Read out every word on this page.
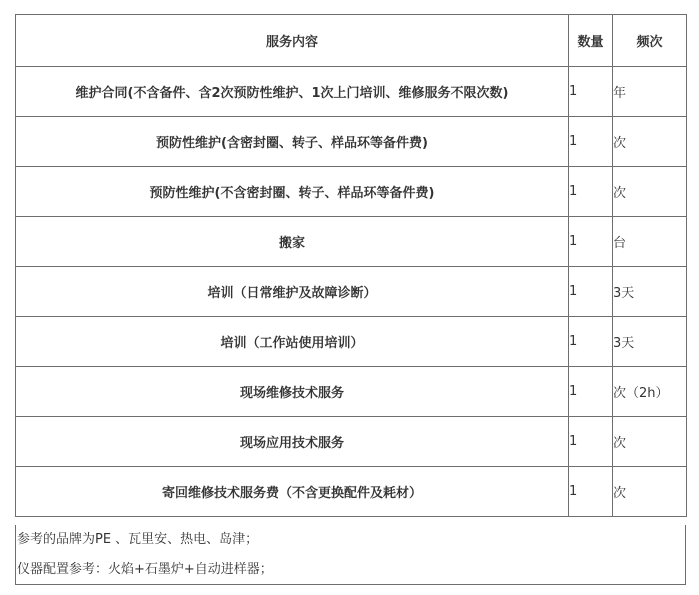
服务内容	数量	频次
维护合同(不含备件、含2次预防性维护、1次上门培训、维修服务不限次数)	1	年
预防性维护(含密封圈、转子、样品环等备件费)	1	次
预防性维护(不含密封圈、转子、样品环等备件费)	1	次
搬家	1	台
培训（日常维护及故障诊断）	1	3天
培训（工作站使用培训）	1	3天
现场维修技术服务	1	次（2h）
现场应用技术服务	1	次
寄回维修技术服务费（不含更换配件及耗材）	1	次
参考的品牌为PE 、瓦里安、热电、岛津；
仪器配置参考：火焰+石墨炉+自动进样器；
